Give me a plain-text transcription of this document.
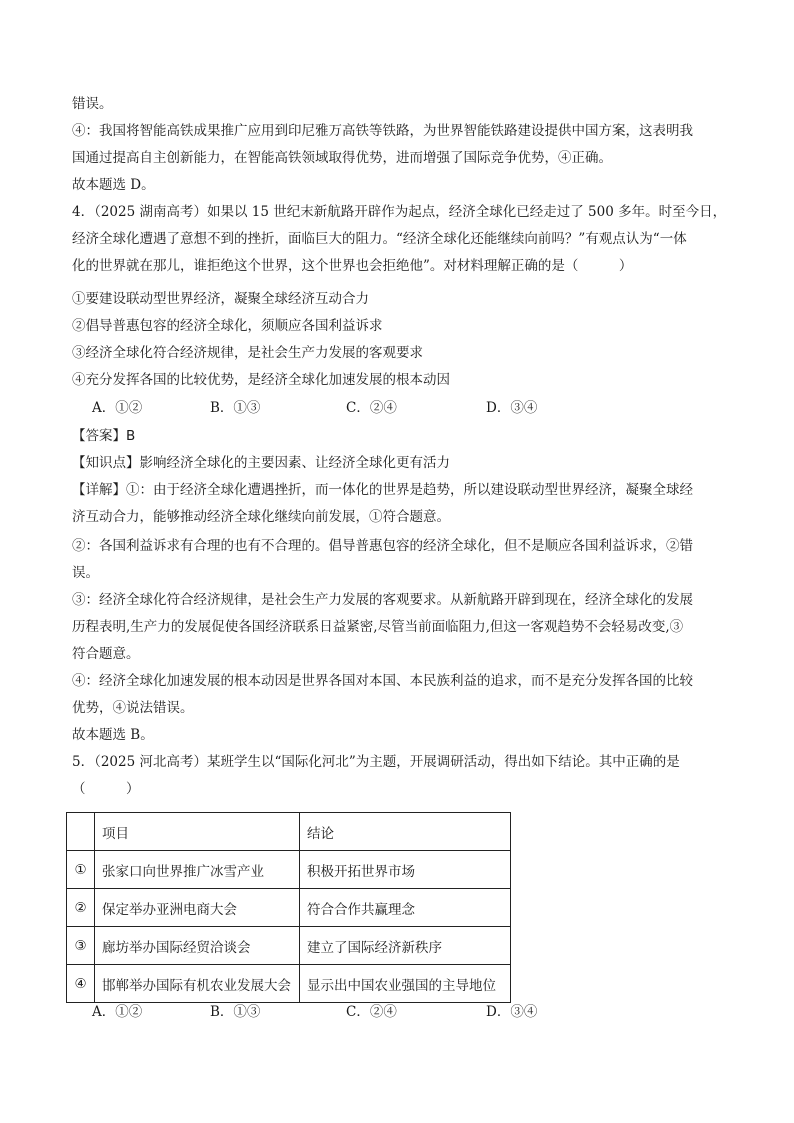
错误。
④：我国将智能高铁成果推广应用到印尼雅万高铁等铁路，为世界智能铁路建设提供中国方案，这表明我
国通过提高自主创新能力，在智能高铁领域取得优势，进而增强了国际竞争优势，④正确。
故本题选 D。
4．（2025 湖南高考）如果以 15 世纪末新航路开辟作为起点，经济全球化已经走过了 500 多年。时至今日，
经济全球化遭遇了意想不到的挫折，面临巨大的阻力。“经济全球化还能继续向前吗？”有观点认为“一体
化的世界就在那儿，谁拒绝这个世界，这个世界也会拒绝他”。对材料理解正确的是（　　　）
①要建设联动型世界经济，凝聚全球经济互动合力
②倡导普惠包容的经济全球化，须顺应各国利益诉求
③经济全球化符合经济规律，是社会生产力发展的客观要求
④充分发挥各国的比较优势，是经济全球化加速发展的根本动因
A．①②	B．①③	C．②④	D．③④
【答案】B
【知识点】影响经济全球化的主要因素、让经济全球化更有活力
【详解】①：由于经济全球化遭遇挫折，而一体化的世界是趋势，所以建设联动型世界经济，凝聚全球经
济互动合力，能够推动经济全球化继续向前发展，①符合题意。
②：各国利益诉求有合理的也有不合理的。倡导普惠包容的经济全球化，但不是顺应各国利益诉求，②错
误。
③：经济全球化符合经济规律，是社会生产力发展的客观要求。从新航路开辟到现在，经济全球化的发展
历程表明,生产力的发展促使各国经济联系日益紧密,尽管当前面临阻力,但这一客观趋势不会轻易改变,③
符合题意。
④：经济全球化加速发展的根本动因是世界各国对本国、本民族利益的追求，而不是充分发挥各国的比较
优势，④说法错误。
故本题选 B。
5．（2025 河北高考）某班学生以“国际化河北”为主题，开展调研活动，得出如下结论。其中正确的是
（　　　）
	项目	结论
①	张家口向世界推广冰雪产业	积极开拓世界市场
②	保定举办亚洲电商大会	符合合作共赢理念
③	廊坊举办国际经贸洽谈会	建立了国际经济新秩序
④	邯郸举办国际有机农业发展大会	显示出中国农业强国的主导地位
A．①②	B．①③	C．②④	D．③④
